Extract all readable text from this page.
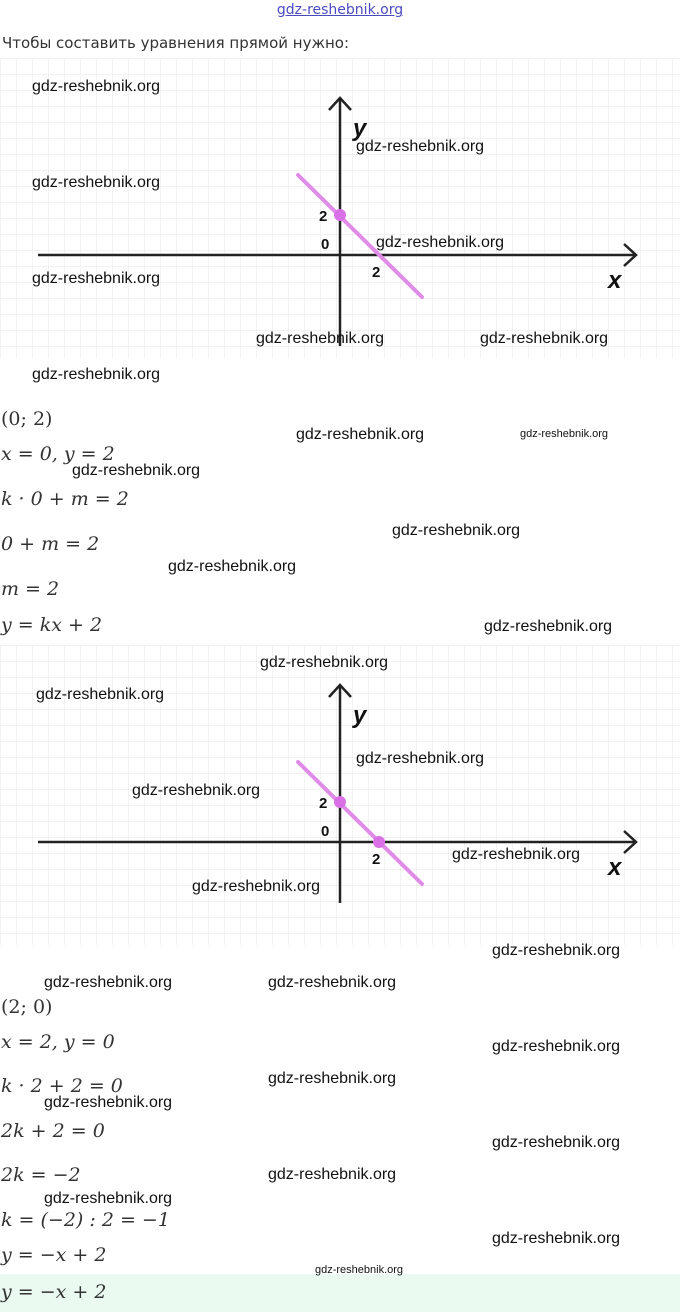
gdz-reshebnik.org
Чтобы составить уравнения прямой нужно:
y
x
2
0
2
(0; 2)
x = 0, y = 2
k · 0 + m = 2
0 + m = 2
m = 2
y = kx + 2
y
x
2
0
2
(2; 0)
x = 2, y = 0
k · 2 + 2 = 0
2k + 2 = 0
2k = −2
k = (−2) : 2 = −1
y = −x + 2
y = −x + 2
gdz-reshebnik.org
gdz-reshebnik.org
gdz-reshebnik.org
gdz-reshebnik.org
gdz-reshebnik.org
gdz-reshebnik.org	gdz-reshebnik.org
gdz-reshebnik.org
gdz-reshebnik.org	gdz-reshebnik.org
gdz-reshebnik.org
gdz-reshebnik.org
gdz-reshebnik.org
gdz-reshebnik.org
gdz-reshebnik.org
gdz-reshebnik.org
gdz-reshebnik.org
gdz-reshebnik.org
gdz-reshebnik.org
gdz-reshebnik.org
gdz-reshebnik.org
gdz-reshebnik.org	gdz-reshebnik.org
gdz-reshebnik.org
gdz-reshebnik.org
gdz-reshebnik.org
gdz-reshebnik.org
gdz-reshebnik.org
gdz-reshebnik.org
gdz-reshebnik.org
gdz-reshebnik.org
